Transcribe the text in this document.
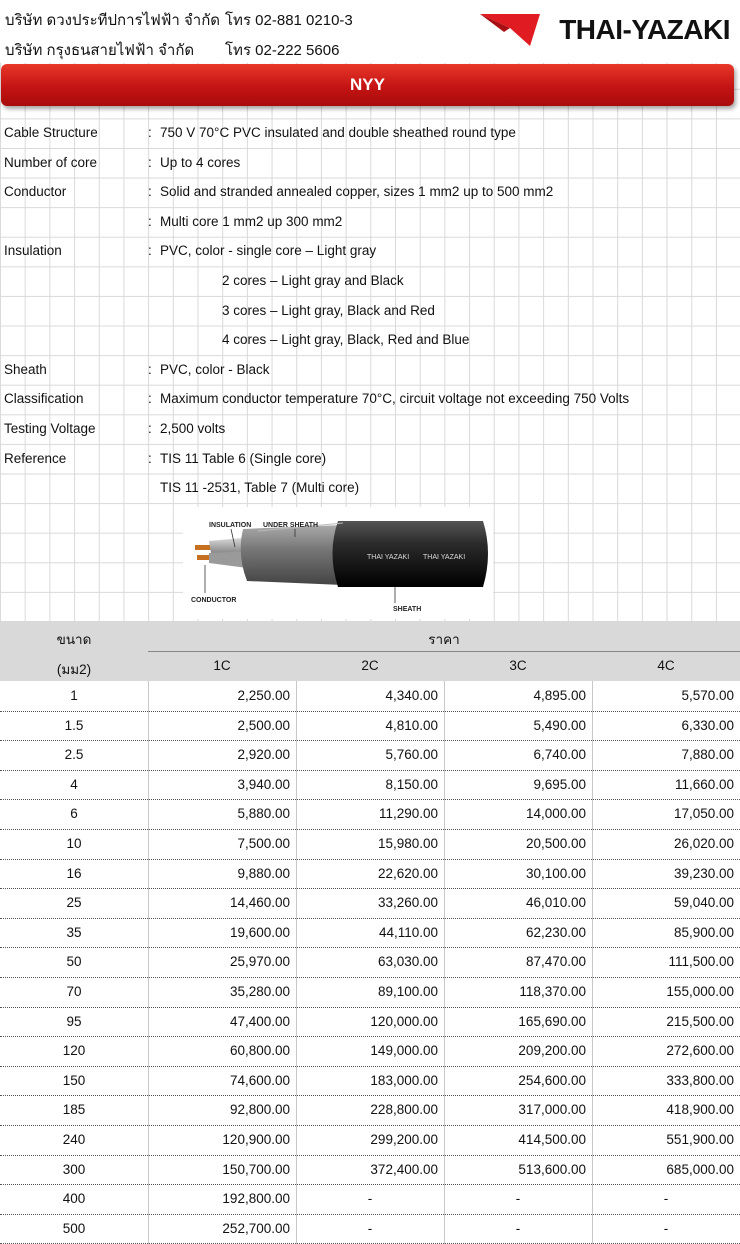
บริษัท ดวงประทีปการไฟฟ้า จำกัด โทร 02-881 0210-3
บริษัท กรุงธนสายไฟฟ้า จำกัด โทร 02-222 5606
THAI-YAZAKI
NYY
Cable Structure	: 750 V 70°C PVC insulated and double sheathed round type
Number of core	: Up to 4 cores
Conductor	: Solid and stranded annealed copper, sizes 1 mm2 up to 500 mm2
: Multi core 1 mm2 up 300 mm2
Insulation	: PVC, color - single core – Light gray
2 cores – Light gray and Black
3 cores – Light gray, Black and Red
4 cores – Light gray, Black, Red and Blue
Sheath	: PVC, color - Black
Classification	: Maximum conductor temperature 70°C, circuit voltage not exceeding 750 Volts
Testing Voltage	: 2,500 volts
Reference	: TIS 11 Table 6 (Single core)
TIS 11 -2531, Table 7 (Multi core)
THAI YAZAKI THAI YAZAKI
INSULATION UNDER SHEATH
CONDUCTOR
SHEATH
ขนาด
(มม2)
ราคา
1C	2C	3C	4C
1	2,250.00	4,340.00	4,895.00	5,570.00
1.5	2,500.00	4,810.00	5,490.00	6,330.00
2.5	2,920.00	5,760.00	6,740.00	7,880.00
4	3,940.00	8,150.00	9,695.00	11,660.00
6	5,880.00	11,290.00	14,000.00	17,050.00
10	7,500.00	15,980.00	20,500.00	26,020.00
16	9,880.00	22,620.00	30,100.00	39,230.00
25	14,460.00	33,260.00	46,010.00	59,040.00
35	19,600.00	44,110.00	62,230.00	85,900.00
50	25,970.00	63,030.00	87,470.00	111,500.00
70	35,280.00	89,100.00	118,370.00	155,000.00
95	47,400.00	120,000.00	165,690.00	215,500.00
120	60,800.00	149,000.00	209,200.00	272,600.00
150	74,600.00	183,000.00	254,600.00	333,800.00
185	92,800.00	228,800.00	317,000.00	418,900.00
240	120,900.00	299,200.00	414,500.00	551,900.00
300	150,700.00	372,400.00	513,600.00	685,000.00
400	192,800.00	-	-	-
500	252,700.00	-	-	-
